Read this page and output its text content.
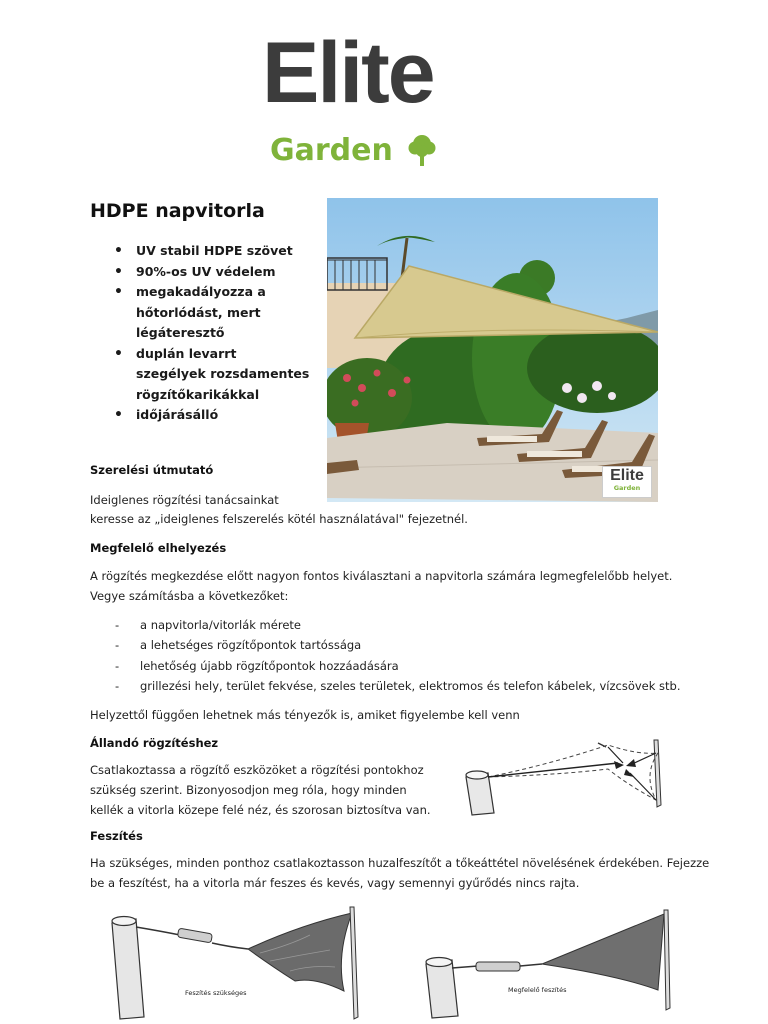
Elite
Garden
HDPE napvitorla
• UV stabil HDPE szövet
• 90%-os UV védelem
• megakadályozza a hőtorlódást, mert légáteresztő
• duplán levarrt szegélyek rozsdamentes rögzítőkarikákkal
• időjárásálló
Elite
Garden
Szerelési útmutató
Ideiglenes rögzítési tanácsainkat
keresse az „ideiglenes felszerelés kötél használatával" fejezetnél.
Megfelelő elhelyezés
A rögzítés megkezdése előtt nagyon fontos kiválasztani a napvitorla számára legmegfelelőbb helyet. Vegye számításba a következőket:
- a napvitorla/vitorlák mérete
- a lehetséges rögzítőpontok tartóssága
- lehetőség újabb rögzítőpontok hozzáadására
- grillezési hely, terület fekvése, szeles területek, elektromos és telefon kábelek, vízcsövek stb.
Helyzettől függően lehetnek más tényezők is, amiket figyelembe kell venn
Állandó rögzítéshez
Csatlakoztassa a rögzítő eszközöket a rögzítési pontokhoz szükség szerint. Bizonyosodjon meg róla, hogy minden kellék a vitorla közepe felé néz, és szorosan biztosítva van.
Feszítés
Ha szükséges, minden ponthoz csatlakoztasson huzalfeszítőt a tőkeáttétel növelésének érdekében. Fejezze be a feszítést, ha a vitorla már feszes és kevés, vagy semennyi gyűrődés nincs rajta.
Feszítés szükséges	Megfelelő feszítés
